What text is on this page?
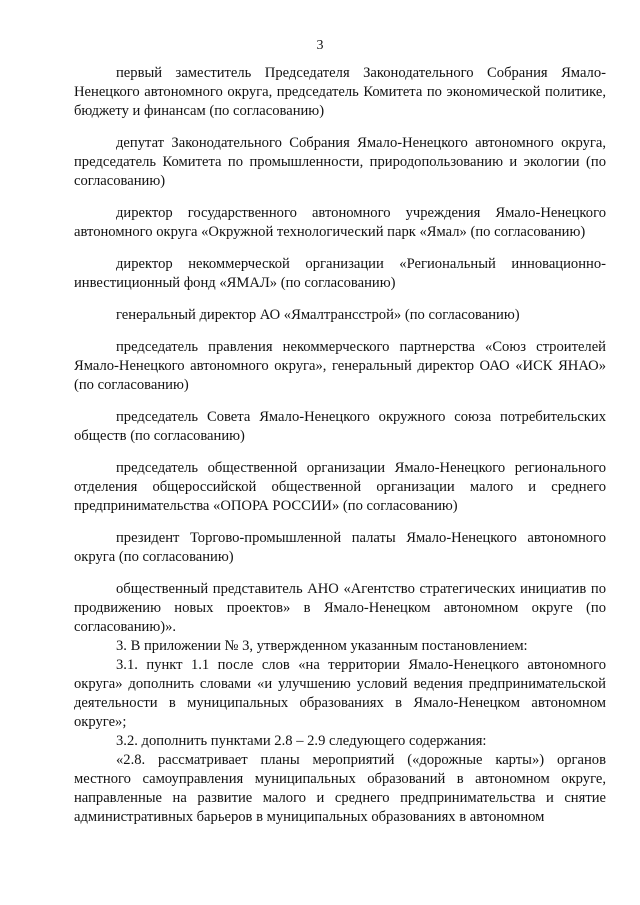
3

первый заместитель Председателя Законодательного Собрания Ямало-Ненецкого автономного округа, председатель Комитета по экономической политике, бюджету и финансам (по согласованию)

депутат Законодательного Собрания Ямало-Ненецкого автономного округа, председатель Комитета по промышленности, природопользованию и экологии (по согласованию)

директор государственного автономного учреждения Ямало-Ненецкого автономного округа «Окружной технологический парк «Ямал» (по согласованию)

директор некоммерческой организации «Региональный инновационно-инвестиционный фонд «ЯМАЛ» (по согласованию)

генеральный директор АО «Ямалтрансстрой» (по согласованию)

председатель правления некоммерческого партнерства «Союз строителей Ямало-Ненецкого автономного округа», генеральный директор ОАО «ИСК ЯНАО» (по согласованию)

председатель Совета Ямало-Ненецкого окружного союза потребительских обществ (по согласованию)

председатель общественной организации Ямало-Ненецкого регионального отделения общероссийской общественной организации малого и среднего предпринимательства «ОПОРА РОССИИ» (по согласованию)

президент Торгово-промышленной палаты Ямало-Ненецкого автономного округа (по согласованию)

общественный представитель АНО «Агентство стратегических инициатив по продвижению новых проектов» в Ямало-Ненецком автономном округе (по согласованию)».

3. В приложении № 3, утвержденном указанным постановлением:

3.1. пункт 1.1 после слов «на территории Ямало-Ненецкого автономного округа» дополнить словами «и улучшению условий ведения предпринимательской деятельности в муниципальных образованиях в Ямало-Ненецком автономном округе»;

3.2. дополнить пунктами 2.8 – 2.9 следующего содержания:

«2.8. рассматривает планы мероприятий («дорожные карты») органов местного самоуправления муниципальных образований в автономном округе, направленные на развитие малого и среднего предпринимательства и снятие административных барьеров в муниципальных образованиях в автономном
